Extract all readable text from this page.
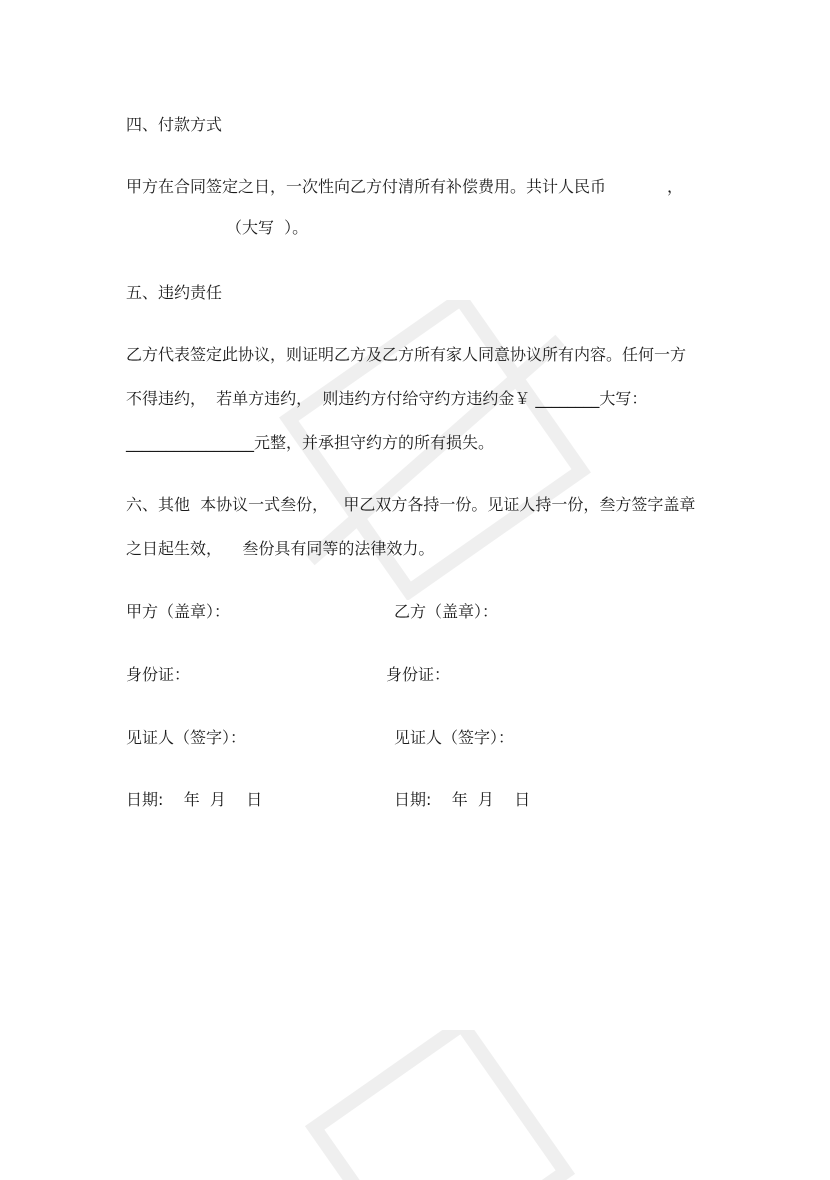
四、付款方式
甲方在合同签定之日，一次性向乙方付清所有补偿费用。共计人民币            ，
（大写  ）。
五、违约责任
乙方代表签定此协议，则证明乙方及乙方所有家人同意协议所有内容。任何一方
不得违约，  若单方违约，  则违约方付给守约方违约金￥ ________大写：
________________元整，并承担守约方的所有损失。
六、其他  本协议一式叁份，   甲乙双方各持一份。见证人持一份，叁方签字盖章
之日起生效，    叁份具有同等的法律效力。
甲方（盖章）：	乙方（盖章）：
身份证：	身份证：
见证人（签字）：	见证人（签字）：
日期:    年  月    日	日期:    年  月    日
